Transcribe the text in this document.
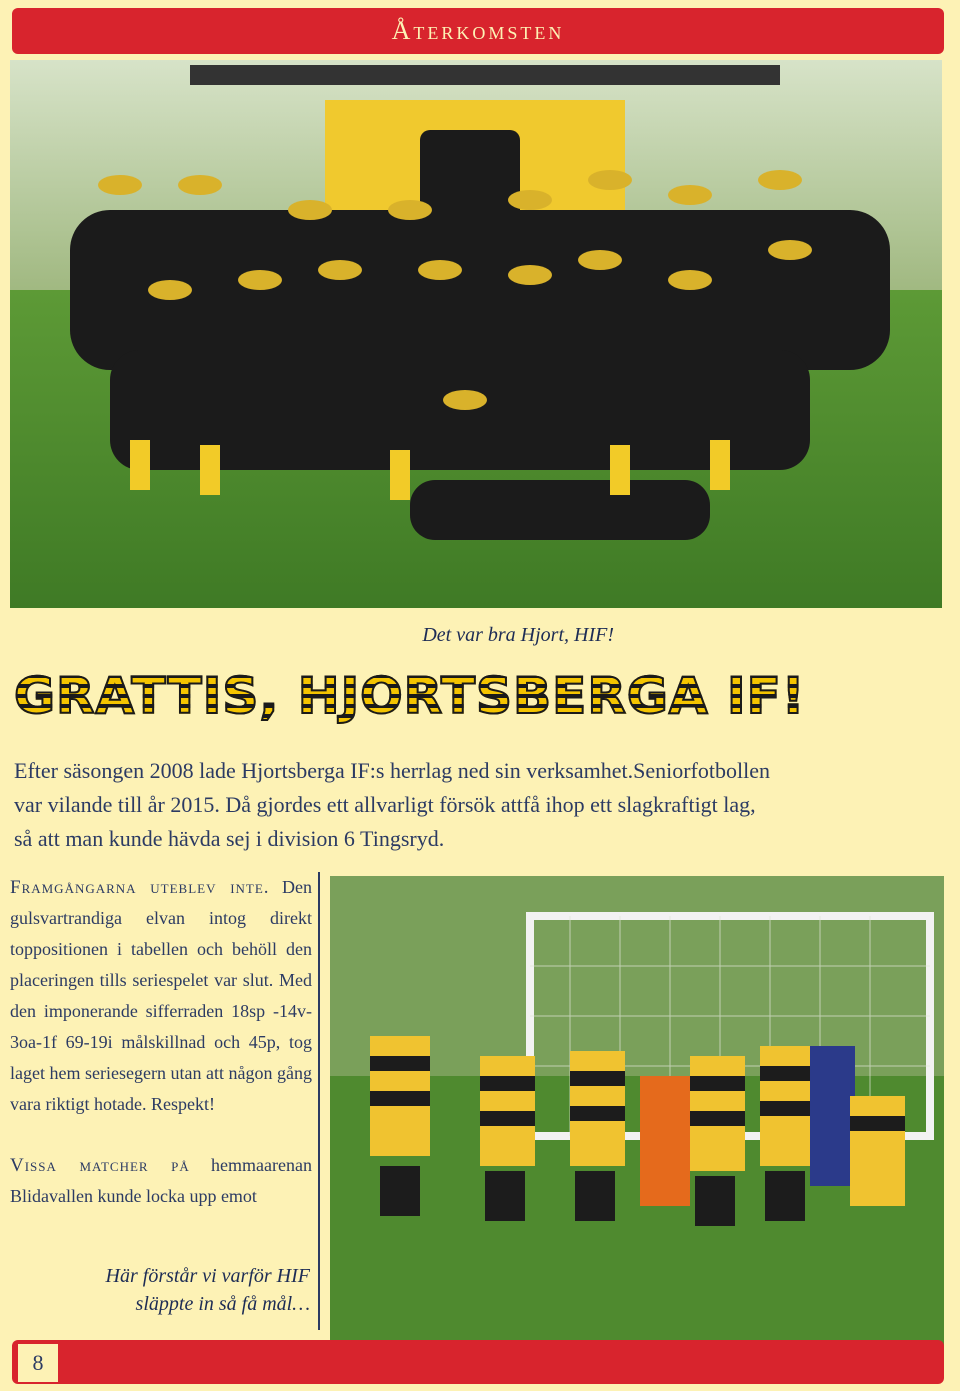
Återkomsten
Det var bra Hjort, HIF!
GRATTIS, HJORTSBERGA IF!
Efter säsongen 2008 lade Hjortsberga IF:s herrlag ned sin verksamhet.Seniorfotbollen
var vilande till år 2015. Då gjordes ett allvarligt försök attfå ihop ett slagkraftigt lag,
så att man kunde hävda sej i division 6 Tingsryd.

Framgångarna uteblev inte. Den gulsvartrandiga elvan intog direkt toppositionen i tabellen och behöll den placeringen tills seriespelet var slut. Med den imponerande sifferraden 18sp -14v-3oa-1f 69-19i målskillnad och 45p, tog laget hem seriesegern utan att någon gång vara riktigt hotade. Respekt!

Vissa matcher på hemmaarenan Blidavallen kunde locka upp emot

Här förstår vi varför HIF
släppte in så få mål…
8
